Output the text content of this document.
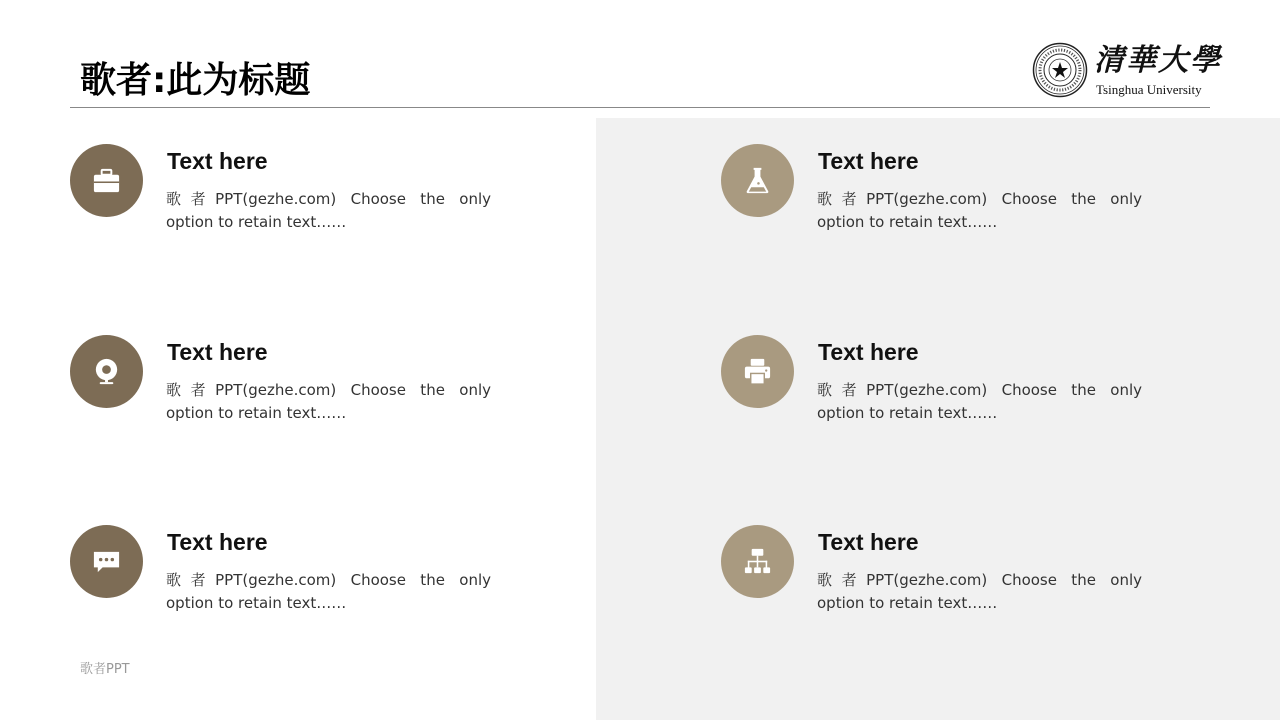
歌者:此为标题	清華大學
Tsinghua University
Text here

歌者PPT(gezhe.com) Choose the only option to retain text……

Text here

歌者PPT(gezhe.com) Choose the only option to retain text……

Text here

歌者PPT(gezhe.com) Choose the only option to retain text……

Text here

歌者PPT(gezhe.com) Choose the only option to retain text……

Text here

歌者PPT(gezhe.com) Choose the only option to retain text……

Text here

歌者PPT(gezhe.com) Choose the only option to retain text……

歌者PPT
